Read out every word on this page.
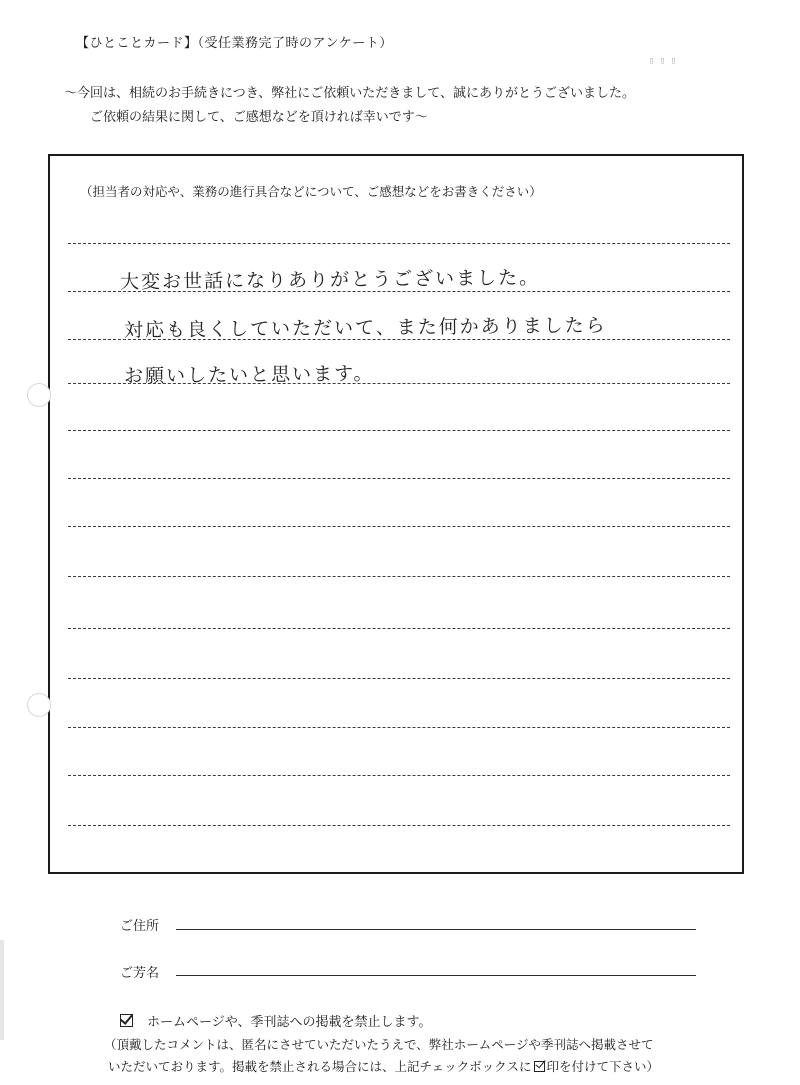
【ひとことカード】（受任業務完了時のアンケート）
▯ ▯ ▯
～今回は、相続のお手続きにつき、弊社にご依頼いただきまして、誠にありがとうございました。
ご依頼の結果に関して、ご感想などを頂ければ幸いです～
（担当者の対応や、業務の進行具合などについて、ご感想などをお書きください）
大変お世話になりありがとうございました。
対応も良くしていただいて、また何かありましたら
お願いしたいと思います。
ご住所
ご芳名
ホームページや、季刊誌への掲載を禁止します。
（頂戴したコメントは、匿名にさせていただいたうえで、弊社ホームページや季刊誌へ掲載させて
いただいております。掲載を禁止される場合には、上記チェックボックスに 印を付けて下さい）
